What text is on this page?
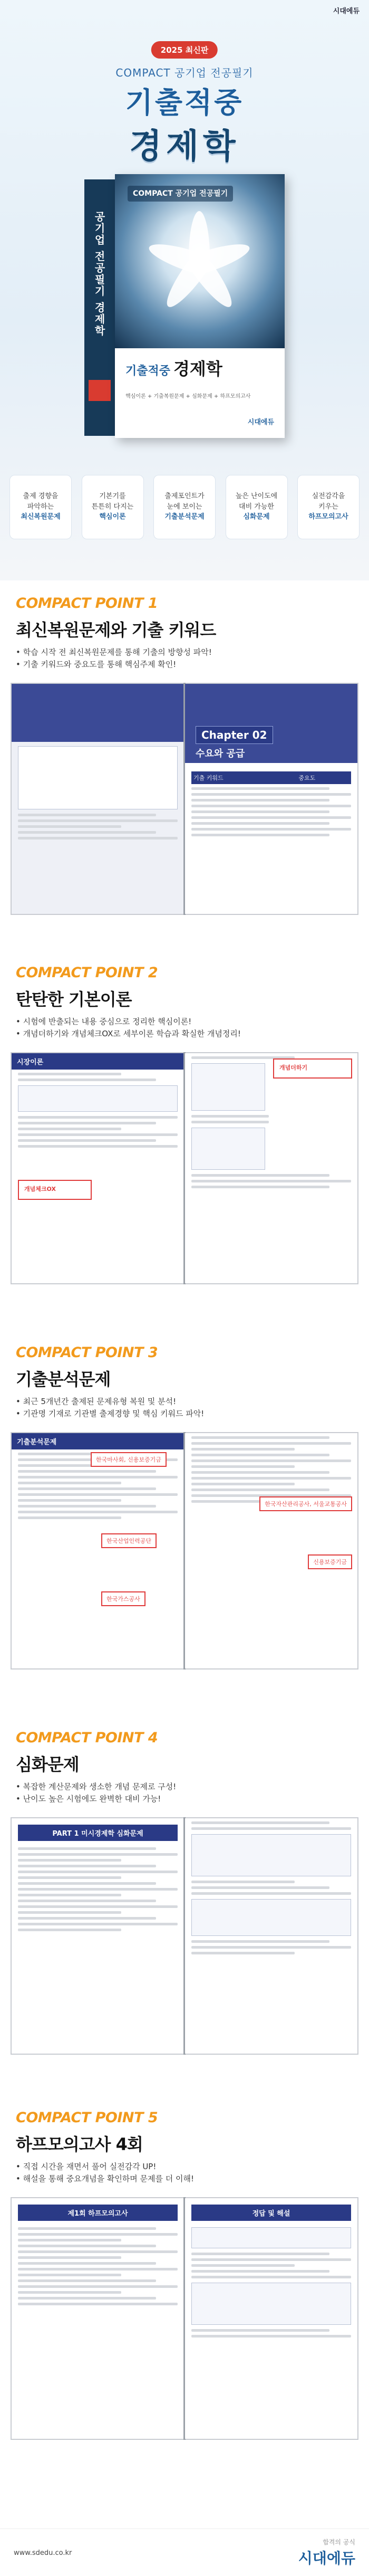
시대에듀
2025 최신판
COMPACT 공기업 전공필기
기출적중
경제학
공기업 전공필기 경제학
COMPACT 공기업 전공필기
기출적중 경제학
핵심이론 + 기출복원문제 + 심화문제 + 하프모의고사
시대에듀
출제 경향을
파악하는
최신복원문제
기본기를
튼튼히 다지는
핵심이론
출제포인트가
눈에 보이는
기출분석문제
높은 난이도에
대비 가능한
심화문제
실전감각을
키우는
하프모의고사
COMPACT POINT 1
최신복원문제와 기출 키워드
• 학습 시작 전 최신복원문제를 통해 기출의 방향성 파악!
• 기출 키워드와 중요도를 통해 핵심주제 확인!
Chapter 02
수요와 공급
기출 키워드	중요도
COMPACT POINT 2
탄탄한 기본이론
• 시험에 반출되는 내용 중심으로 정리한 핵심이론!
• 개념더하기와 개념체크OX로 세부이론 학습과 확실한 개념정리!
시장이론
개념체크OX
개념더하기
COMPACT POINT 3
기출분석문제
• 최근 5개년간 출제된 문제유형 복원 및 분석!
• 기관명 기재로 기관별 출제경향 및 핵심 키워드 파악!
기출분석문제
한국마사회, 신용보증기금
한국산업인력공단
한국가스공사
한국자산관리공사, 서울교통공사
신용보증기금
COMPACT POINT 4
심화문제
• 복잡한 계산문제와 생소한 개념 문제로 구성!
• 난이도 높은 시험에도 완벽한 대비 가능!
PART 1 미시경제학 심화문제
COMPACT POINT 5
하프모의고사 4회
• 직접 시간을 재면서 풀어 실전감각 UP!
• 해설을 통해 중요개념을 확인하며 문제를 더 이해!
제1회 하프모의고사	정답 및 해설
www.sdedu.co.kr
합격의 공식
시대에듀
